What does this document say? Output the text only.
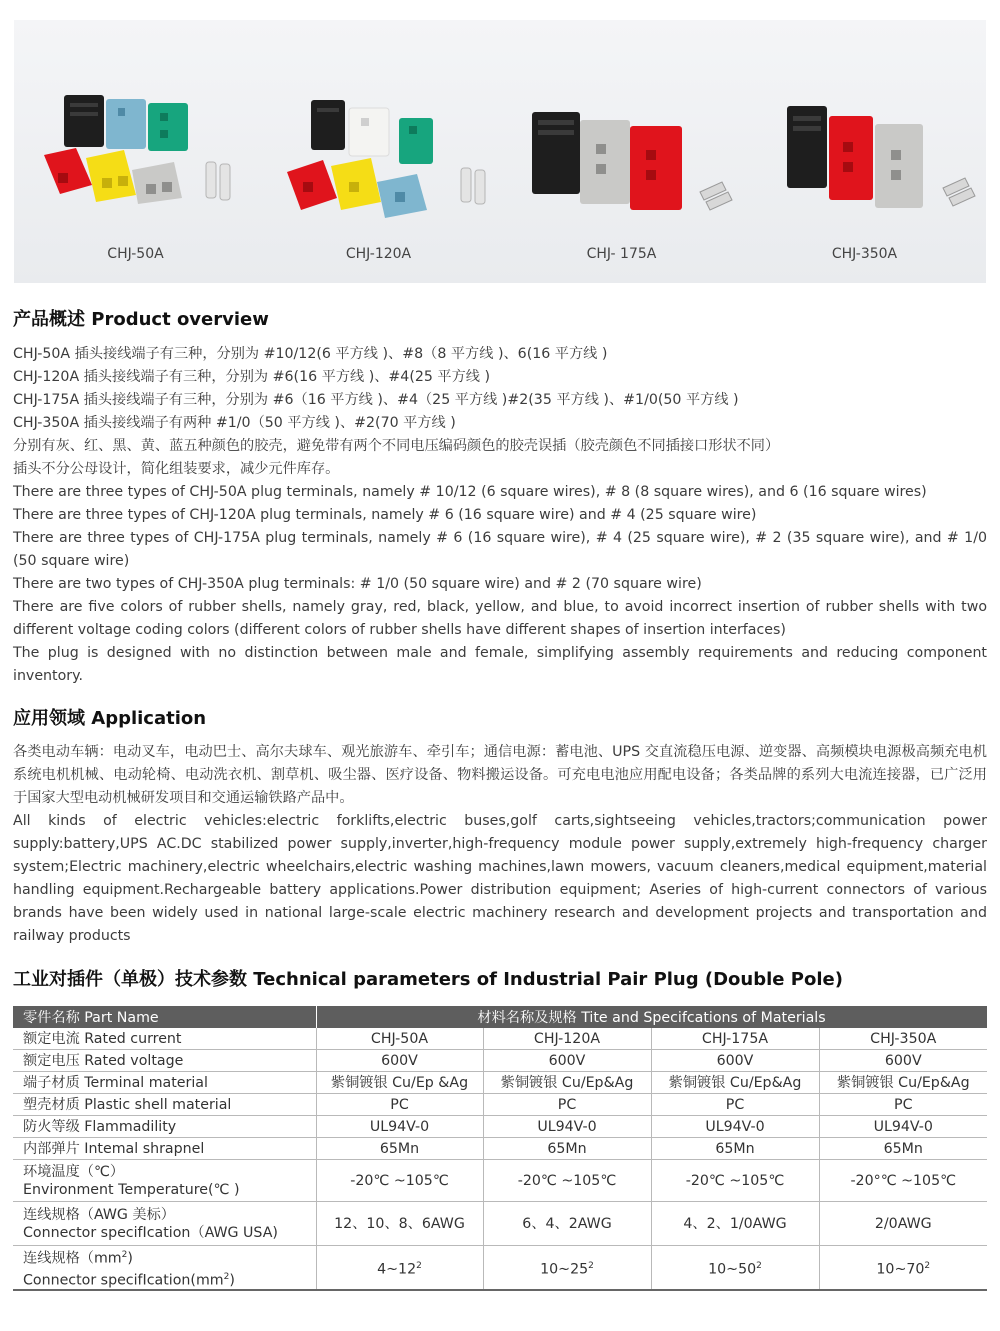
CHJ-50A	CHJ-120A	CHJ- 175A	CHJ-350A
产品概述 Product overview
CHJ-50A 插头接线端子有三种，分别为 #10/12(6 平方线 )、#8（8 平方线 )、6(16 平方线 )
CHJ-120A 插头接线端子有三种，分别为 #6(16 平方线 )、#4(25 平方线 )
CHJ-175A 插头接线端子有三种，分别为 #6（16 平方线 )、#4（25 平方线 )#2(35 平方线 )、#1/0(50 平方线 )
CHJ-350A 插头接线端子有两种 #1/0（50 平方线 )、#2(70 平方线 )
分别有灰、红、黑、黄、蓝五种颜色的胶壳，避免带有两个不同电压编码颜色的胶壳误插（胶壳颜色不同插接口形状不同）
插头不分公母设计，简化组装要求，减少元件库存。
There are three types of CHJ-50A plug terminals, namely # 10/12 (6 square wires), # 8 (8 square wires), and 6 (16 square wires)
There are three types of CHJ-120A plug terminals, namely # 6 (16 square wire) and # 4 (25 square wire)
There are three types of CHJ-175A plug terminals, namely # 6 (16 square wire), # 4 (25 square wire), # 2 (35 square wire), and # 1/0 (50 square wire)
There are two types of CHJ-350A plug terminals: # 1/0 (50 square wire) and # 2 (70 square wire)
There are five colors of rubber shells, namely gray, red, black, yellow, and blue, to avoid incorrect insertion of rubber shells with two different voltage coding colors (different colors of rubber shells have different shapes of insertion interfaces)
The plug is designed with no distinction between male and female, simplifying assembly requirements and reducing component inventory.
应用领域 Application
各类电动车辆：电动叉车，电动巴士、高尔夫球车、观光旅游车、牵引车；通信电源：蓄电池、UPS 交直流稳压电源、逆变器、高频模块电源极高频充电机系统电机机械、电动轮椅、电动洗衣机、割草机、吸尘器、医疗设备、物料搬运设备。可充电电池应用配电设备；各类品牌的系列大电流连接器，已广泛用于国家大型电动机械研发项目和交通运输铁路产品中。
All kinds of electric vehicles:electric forklifts,electric buses,golf carts,sightseeing vehicles,tractors;communication power supply:battery,UPS AC.DC stabilized power supply,inverter,high-frequency module power supply,extremely high-frequency charger system;Electric machinery,electric wheelchairs,electric washing machines,lawn mowers, vacuum cleaners,medical equipment,material handling equipment.Rechargeable battery applications.Power distribution equipment; Aseries of high-current connectors of various brands have been widely used in national large-scale electric machinery research and development projects and transportation and railway products
工业对插件（单极）技术参数 Technical parameters of Industrial Pair Plug (Double Pole)
零件名称 Part Name	材料名称及规格 Tite and Specifcations of Materials			
额定电流 Rated current	CHJ-50A	CHJ-120A	CHJ-175A	CHJ-350A
额定电压 Rated voltage	600V	600V	600V	600V
端子材质 Terminal material	紫铜镀银 Cu/Ep &Ag	紫铜镀银 Cu/Ep&Ag	紫铜镀银 Cu/Ep&Ag	紫铜镀银 Cu/Ep&Ag
塑壳材质 Plastic shell material	PC	PC	PC	PC
防火等级 Flammadility	UL94V-0	UL94V-0	UL94V-0	UL94V-0
内部弹片 Intemal shrapnel	65Mn	65Mn	65Mn	65Mn

环境温度（℃）
Environment Temperature(℃ )	-20℃ ~105℃	-20℃ ~105℃	-20℃ ~105℃	-20°℃ ~105℃

连线规格（AWG 美标）
Connector specifIcation（AWG USA)	12、10、8、6AWG	6、4、2AWG	4、2、1/0AWG	2/0AWG

连线规格$(mm^2)$
Connector $specifIcation(mm^2)$	$4\sim 12^2$	$10\sim 25^2$	$10\sim 50^2$	$10\sim 70^2$
